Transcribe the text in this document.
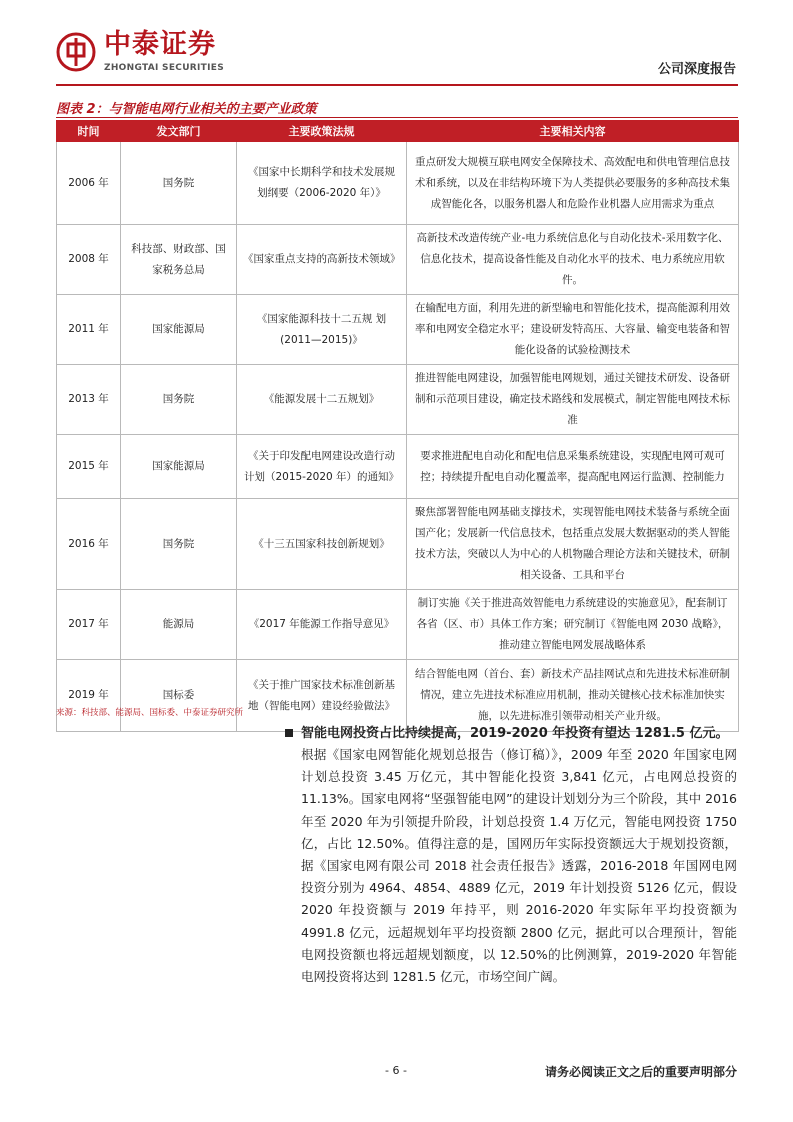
中泰证券
ZHONGTAI SECURITIES	公司深度报告
图表 2：与智能电网行业相关的主要产业政策
时间	发文部门	主要政策法规	主要相关内容
2006 年	国务院	《国家中长期科学和技术发展规划纲要（2006-2020 年）》	重点研发大规模互联电网安全保障技术、高效配电和供电管理信息技术和系统，以及在非结构环境下为人类提供必要服务的多种高技术集成智能化各，以服务机器人和危险作业机器人应用需求为重点
2008 年	科技部、财政部、国家税务总局	《国家重点支持的高新技术领域》	高新技术改造传统产业-电力系统信息化与自动化技术-采用数字化、信息化技术，提高设备性能及自动化水平的技术、电力系统应用软件。
2011 年	国家能源局	《国家能源科技十二五规 划(2011—2015)》	在输配电方面，利用先进的新型输电和智能化技术，提高能源利用效率和电网安全稳定水平；建设研发特高压、大容量、输变电装备和智能化设备的试验检测技术
2013 年	国务院	《能源发展十二五规划》	推进智能电网建设，加强智能电网规划，通过关键技术研发、设备研制和示范项目建设，确定技术路线和发展模式，制定智能电网技术标准
2015 年	国家能源局	《关于印发配电网建设改造行动计划（2015-2020 年）的通知》	要求推进配电自动化和配电信息采集系统建设，实现配电网可观可控；持续提升配电自动化覆盖率，提高配电网运行监测、控制能力
2016 年	国务院	《十三五国家科技创新规划》	聚焦部署智能电网基础支撑技术，实现智能电网技术装备与系统全面国产化；发展新一代信息技术，包括重点发展大数据驱动的类人智能技术方法，突破以人为中心的人机物融合理论方法和关键技术，研制相关设备、工具和平台
2017 年	能源局	《2017 年能源工作指导意见》	制订实施《关于推进高效智能电力系统建设的实施意见》，配套制订各省（区、市）具体工作方案；研究制订《智能电网 2030 战略》，推动建立智能电网发展战略体系
2019 年	国标委	《关于推广国家技术标准创新基地（智能电网）建设经验做法》	结合智能电网（首台、套）新技术产品挂网试点和先进技术标准研制情况，建立先进技术标准应用机制，推动关键核心技术标准加快实施，以先进标准引领带动相关产业升级。
来源：科技部、能源局、国标委、中泰证券研究所
智能电网投资占比持续提高，2019-2020 年投资有望达 1281.5 亿元。
根据《国家电网智能化规划总报告（修订稿）》，2009 年至 2020 年国家电网计划总投资 3.45 万亿元，其中智能化投资 3,841 亿元，占电网总投资的 11.13%。国家电网将“坚强智能电网”的建设计划划分为三个阶段，其中 2016 年至 2020 年为引领提升阶段，计划总投资 1.4 万亿元，智能电网投资 1750 亿，占比 12.50%。值得注意的是，国网历年实际投资额远大于规划投资额，据《国家电网有限公司 2018 社会责任报告》透露，2016-2018 年国网电网投资分别为 4964、4854、4889 亿元，2019 年计划投资 5126 亿元，假设 2020 年投资额与 2019 年持平，则 2016-2020 年实际年平均投资额为 4991.8 亿元，远超规划年平均投资额 2800 亿元，据此可以合理预计，智能电网投资额也将远超规划额度，以 12.50%的比例测算，2019-2020 年智能电网投资将达到 1281.5 亿元，市场空间广阔。
- 6 -	请务必阅读正文之后的重要声明部分
